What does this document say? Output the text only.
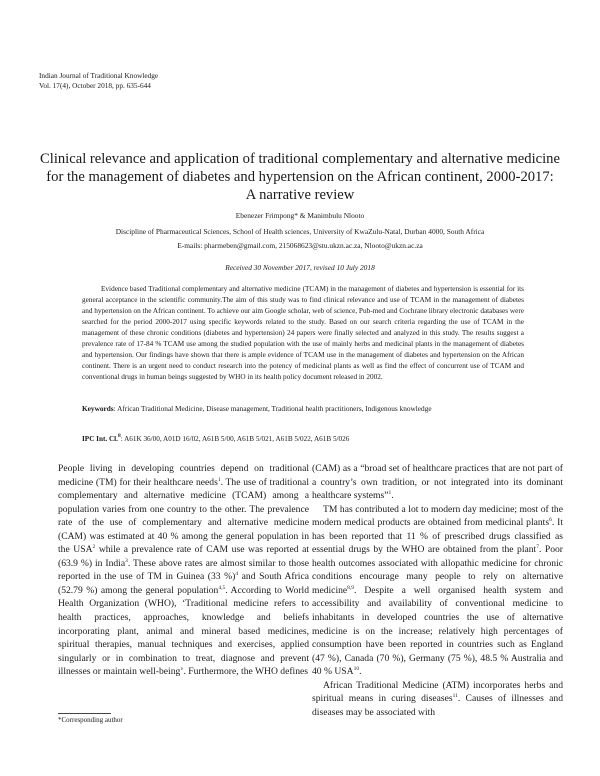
Indian Journal of Traditional Knowledge
Vol. 17(4), October 2018, pp. 635-644
Clinical relevance and application of traditional complementary and alternative medicine for the management of diabetes and hypertension on the African continent, 2000-2017: A narrative review
Ebenezer Frimpong* & Manimbulu Nlooto
Discipline of Pharmaceutical Sciences, School of Health sciences, University of KwaZulu-Natal, Durban 4000, South Africa
E-mails: pharmeben@gmail.com, 215068623@stu.ukzn.ac.za, Nlooto@ukzn.ac.za
Received 30 November 2017, revised 10 July 2018

Evidence based Traditional complementary and alternative medicine (TCAM) in the management of diabetes and hypertension is essential for its general acceptance in the scientific community.The aim of this study was to find clinical relevance and use of TCAM in the management of diabetes and hypertension on the African continent. To achieve our aim Google scholar, web of science, Pub-med and Cochrane library electronic databases were searched for the period 2000-2017 using specific keywords related to the study. Based on our search criteria regarding the use of TCAM in the management of these chronic conditions (diabetes and hypertension) 24 papers were finally selected and analyzed in this study. The results suggest a prevalence rate of 17-84 % TCAM use among the studied population with the use of mainly herbs and medicinal plants in the management of diabetes and hypertension. Our findings have shown that there is ample evidence of TCAM use in the management of diabetes and hypertension on the African continent. There is an urgent need to conduct research into the potency of medicinal plants as well as find the effect of concurrent use of TCAM and conventional drugs in human beings suggested by WHO in its health policy document released in 2002.

Keywords: African Traditional Medicine, Disease management, Traditional health practitioners, Indigenous knowledge
IPC Int. Cl.$^8$: A61K 36/00, A01D 16/02, A61B 5/00, A61B 5/021, A61B 5/022, A61B 5/026

People living in developing countries depend on traditional medicine (TM) for their healthcare needs$^1$. The use of traditional complementary and alternative medicine (TCAM) among a population varies from one country to the other. The prevalence rate of the use of complementary and alternative medicine (CAM) was estimated at 40 % among the general population in the USA$^2$ while a prevalence rate of CAM use was reported at (63.9 %) in India$^3$. These above rates are almost similar to those reported in the use of TM in Guinea (33 %)$^4$ and South Africa (52.79 %) among the general population$^{4,5}$. According to World Health Organization (WHO), ‘Traditional medicine refers to health practices, approaches, knowledge and beliefs incorporating plant, animal and mineral based medicines, spiritual therapies, manual techniques and exercises, applied singularly or in combination to treat, diagnose and prevent illnesses or maintain well-being’. Furthermore, the WHO defines

(CAM) as a “broad set of healthcare practices that are not part of a country’s own tradition, or not integrated into its dominant healthcare systems”$^1$.

TM has contributed a lot to modern day medicine; most of the modern medical products are obtained from medicinal plants$^6$. It has been reported that 11 % of prescribed drugs classified as essential drugs by the WHO are obtained from the plant$^7$. Poor health outcomes associated with allopathic medicine for chronic conditions encourage many people to rely on alternative medicine$^{8,9}$. Despite a well organised health system and accessibility and availability of conventional medicine to inhabitants in developed countries the use of alternative medicine is on the increase; relatively high percentages of consumption have been reported in countries such as England (47 %), Canada (70 %), Germany (75 %), 48.5 % Australia and 40 % USA$^{10}$.

African Traditional Medicine (ATM) incorporates herbs and spiritual means in curing diseases$^{11}$. Causes of illnesses and diseases may be associated with

*Corresponding author
